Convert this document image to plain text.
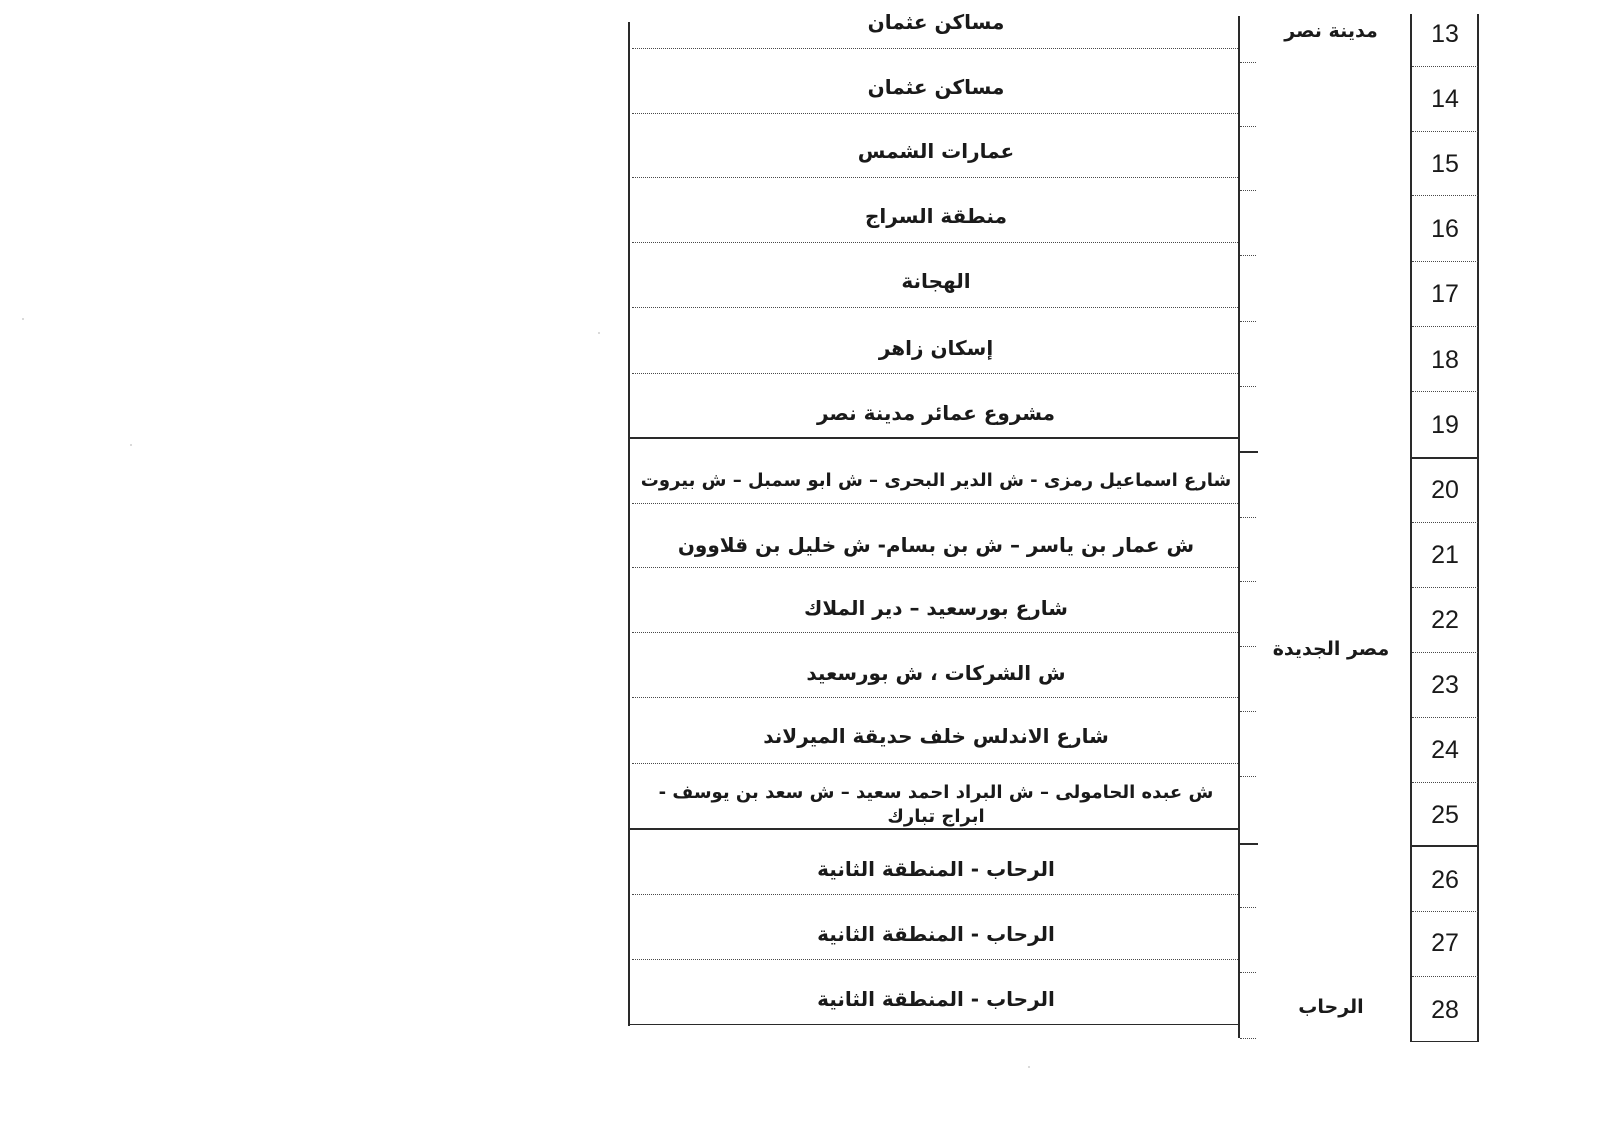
مساكن عثمان
مساكن عثمان
عمارات الشمس
منطقة السراج
الهجانة
إسكان زاهر
مشروع عمائر مدينة نصر
شارع اسماعيل رمزى - ش الدير البحرى – ش ابو سمبل – ش بيروت
ش عمار بن ياسر – ش بن بسام- ش خليل بن قلاوون
شارع بورسعيد – دير الملاك
ش الشركات ، ش بورسعيد
شارع الاندلس خلف حديقة الميرلاند
ش عبده الحامولى – ش البراد احمد سعيد – ش سعد بن يوسف - ابراج تبارك
الرحاب - المنطقة الثانية
الرحاب - المنطقة الثانية
الرحاب - المنطقة الثانية
مدينة نصر
مصر الجديدة
الرحاب
13
14
15
16
17
18
19
20
21
22
23
24
25
26
27
28
